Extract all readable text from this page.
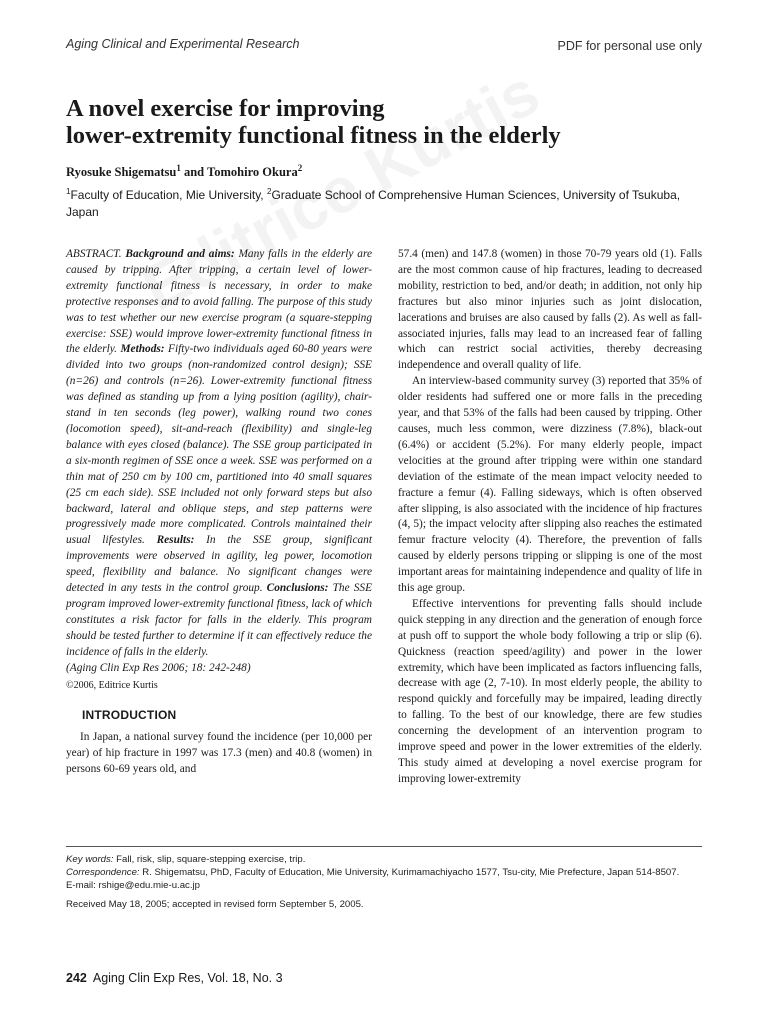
Aging Clinical and Experimental Research	PDF for personal use only
A novel exercise for improving
lower-extremity functional fitness in the elderly
Ryosuke Shigematsu$^1$ and Tomohiro Okura$^2$
$^1$Faculty of Education, Mie University, $^2$Graduate School of Comprehensive Human Sciences, University of Tsukuba, Japan

ABSTRACT. Background and aims: Many falls in the elderly are caused by tripping. After tripping, a certain level of lower-extremity functional fitness is necessary, in order to make protective responses and to avoid falling. The purpose of this study was to test whether our new exercise program (a square-stepping exercise: SSE) would improve lower-extremity functional fitness in the elderly. Methods: Fifty-two individuals aged 60-80 years were divided into two groups (non-randomized control design); SSE (n=26) and controls (n=26). Lower-extremity functional fitness was defined as standing up from a lying position (agility), chair-stand in ten seconds (leg power), walking round two cones (locomotion speed), sit-and-reach (flexibility) and single-leg balance with eyes closed (balance). The SSE group participated in a six-month regimen of SSE once a week. SSE was performed on a thin mat of 250 cm by 100 cm, partitioned into 40 small squares (25 cm each side). SSE included not only forward steps but also backward, lateral and oblique steps, and step patterns were progressively made more complicated. Controls maintained their usual lifestyles. Results: In the SSE group, significant improvements were observed in agility, leg power, locomotion speed, flexibility and balance. No significant changes were detected in any tests in the control group. Conclusions: The SSE program improved lower-extremity functional fitness, lack of which constitutes a risk factor for falls in the elderly. This program should be tested further to determine if it can effectively reduce the incidence of falls in the elderly.

(Aging Clin Exp Res 2006; 18: 242-248)

©2006, Editrice Kurtis

INTRODUCTION

In Japan, a national survey found the incidence (per 10,000 per year) of hip fracture in 1997 was 17.3 (men) and 40.8 (women) in persons 60-69 years old, and

57.4 (men) and 147.8 (women) in those 70-79 years old (1). Falls are the most common cause of hip fractures, leading to decreased mobility, restriction to bed, and/or death; in addition, not only hip fractures but also minor injuries such as joint dislocation, lacerations and bruises are also caused by falls (2). As well as fall-associated injuries, falls may lead to an increased fear of falling which can restrict social activities, thereby decreasing independence and overall quality of life.

An interview-based community survey (3) reported that 35% of older residents had suffered one or more falls in the preceding year, and that 53% of the falls had been caused by tripping. Other causes, much less common, were dizziness (7.8%), black-out (6.4%) or accident (5.2%). For many elderly people, impact velocities at the ground after tripping were within one standard deviation of the estimate of the mean impact velocity needed to fracture a femur (4). Falling sideways, which is often observed after slipping, is also associated with the incidence of hip fractures (4, 5); the impact velocity after slipping also reaches the estimated femur fracture velocity (4). Therefore, the prevention of falls caused by elderly persons tripping or slipping is one of the most important areas for maintaining independence and quality of life in this age group.

Effective interventions for preventing falls should include quick stepping in any direction and the generation of enough force at push off to support the whole body following a trip or slip (6). Quickness (reaction speed/agility) and power in the lower extremity, which have been implicated as factors influencing falls, decrease with age (2, 7-10). In most elderly people, the ability to respond quickly and forcefully may be impaired, leading directly to falling. To the best of our knowledge, there are few studies concerning the development of an intervention program to improve speed and power in the lower extremities of the elderly. This study aimed at developing a novel exercise program for improving lower-extremity

Key words: Fall, risk, slip, square-stepping exercise, trip.

Correspondence: R. Shigematsu, PhD, Faculty of Education, Mie University, Kurimamachiyacho 1577, Tsu-city, Mie Prefecture, Japan 514-8507.

E-mail: rshige@edu.mie-u.ac.jp

Received May 18, 2005; accepted in revised form September 5, 2005.

242 Aging Clin Exp Res, Vol. 18, No. 3
